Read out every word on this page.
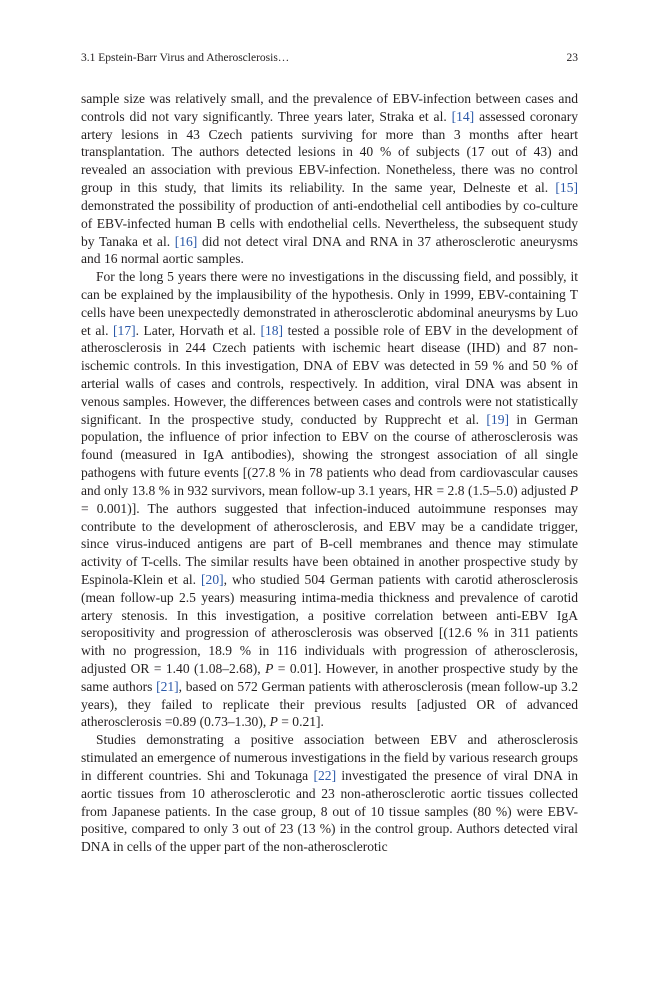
3.1 Epstein-Barr Virus and Atherosclerosis…	23

sample size was relatively small, and the prevalence of EBV-infection between cases and controls did not vary significantly. Three years later, Straka et al. [14] assessed coronary artery lesions in 43 Czech patients surviving for more than 3 months after heart transplantation. The authors detected lesions in 40 % of subjects (17 out of 43) and revealed an association with previous EBV-infection. Nonetheless, there was no control group in this study, that limits its reliability. In the same year, Delneste et al. [15] demonstrated the possibility of production of anti-endothelial cell antibodies by co-culture of EBV-infected human B cells with endothelial cells. Nevertheless, the subsequent study by Tanaka et al. [16] did not detect viral DNA and RNA in 37 atherosclerotic aneurysms and 16 normal aortic samples.

For the long 5 years there were no investigations in the discussing field, and possibly, it can be explained by the implausibility of the hypothesis. Only in 1999, EBV-containing T cells have been unexpectedly demonstrated in atherosclerotic abdominal aneurysms by Luo et al. [17]. Later, Horvath et al. [18] tested a possible role of EBV in the development of atherosclerosis in 244 Czech patients with ischemic heart disease (IHD) and 87 non-ischemic controls. In this investigation, DNA of EBV was detected in 59 % and 50 % of arterial walls of cases and controls, respectively. In addition, viral DNA was absent in venous samples. However, the differences between cases and controls were not statistically significant. In the prospective study, conducted by Rupprecht et al. [19] in German population, the influence of prior infection to EBV on the course of atherosclerosis was found (measured in IgA antibodies), showing the strongest association of all single pathogens with future events [(27.8 % in 78 patients who dead from cardiovascular causes and only 13.8 % in 932 survivors, mean follow-up 3.1 years, HR = 2.8 (1.5–5.0) adjusted P = 0.001)]. The authors suggested that infection-induced autoimmune responses may contribute to the development of atherosclerosis, and EBV may be a candidate trigger, since virus-induced antigens are part of B-cell membranes and thence may stimulate activity of T-cells. The similar results have been obtained in another prospective study by Espinola-Klein et al. [20], who studied 504 German patients with carotid atherosclerosis (mean follow-up 2.5 years) measuring intima-media thickness and prevalence of carotid artery stenosis. In this investigation, a positive correlation between anti-EBV IgA seropositivity and progression of atherosclerosis was observed [(12.6 % in 311 patients with no progression, 18.9 % in 116 individuals with progression of atherosclerosis, adjusted OR = 1.40 (1.08–2.68), P = 0.01]. However, in another prospective study by the same authors [21], based on 572 German patients with atherosclerosis (mean follow-up 3.2 years), they failed to replicate their previous results [adjusted OR of advanced atherosclerosis =0.89 (0.73–1.30), P = 0.21].

Studies demonstrating a positive association between EBV and atherosclerosis stimulated an emergence of numerous investigations in the field by various research groups in different countries. Shi and Tokunaga [22] investigated the presence of viral DNA in aortic tissues from 10 atherosclerotic and 23 non-atherosclerotic aortic tissues collected from Japanese patients. In the case group, 8 out of 10 tissue samples (80 %) were EBV-positive, compared to only 3 out of 23 (13 %) in the control group. Authors detected viral DNA in cells of the upper part of the non-atherosclerotic
